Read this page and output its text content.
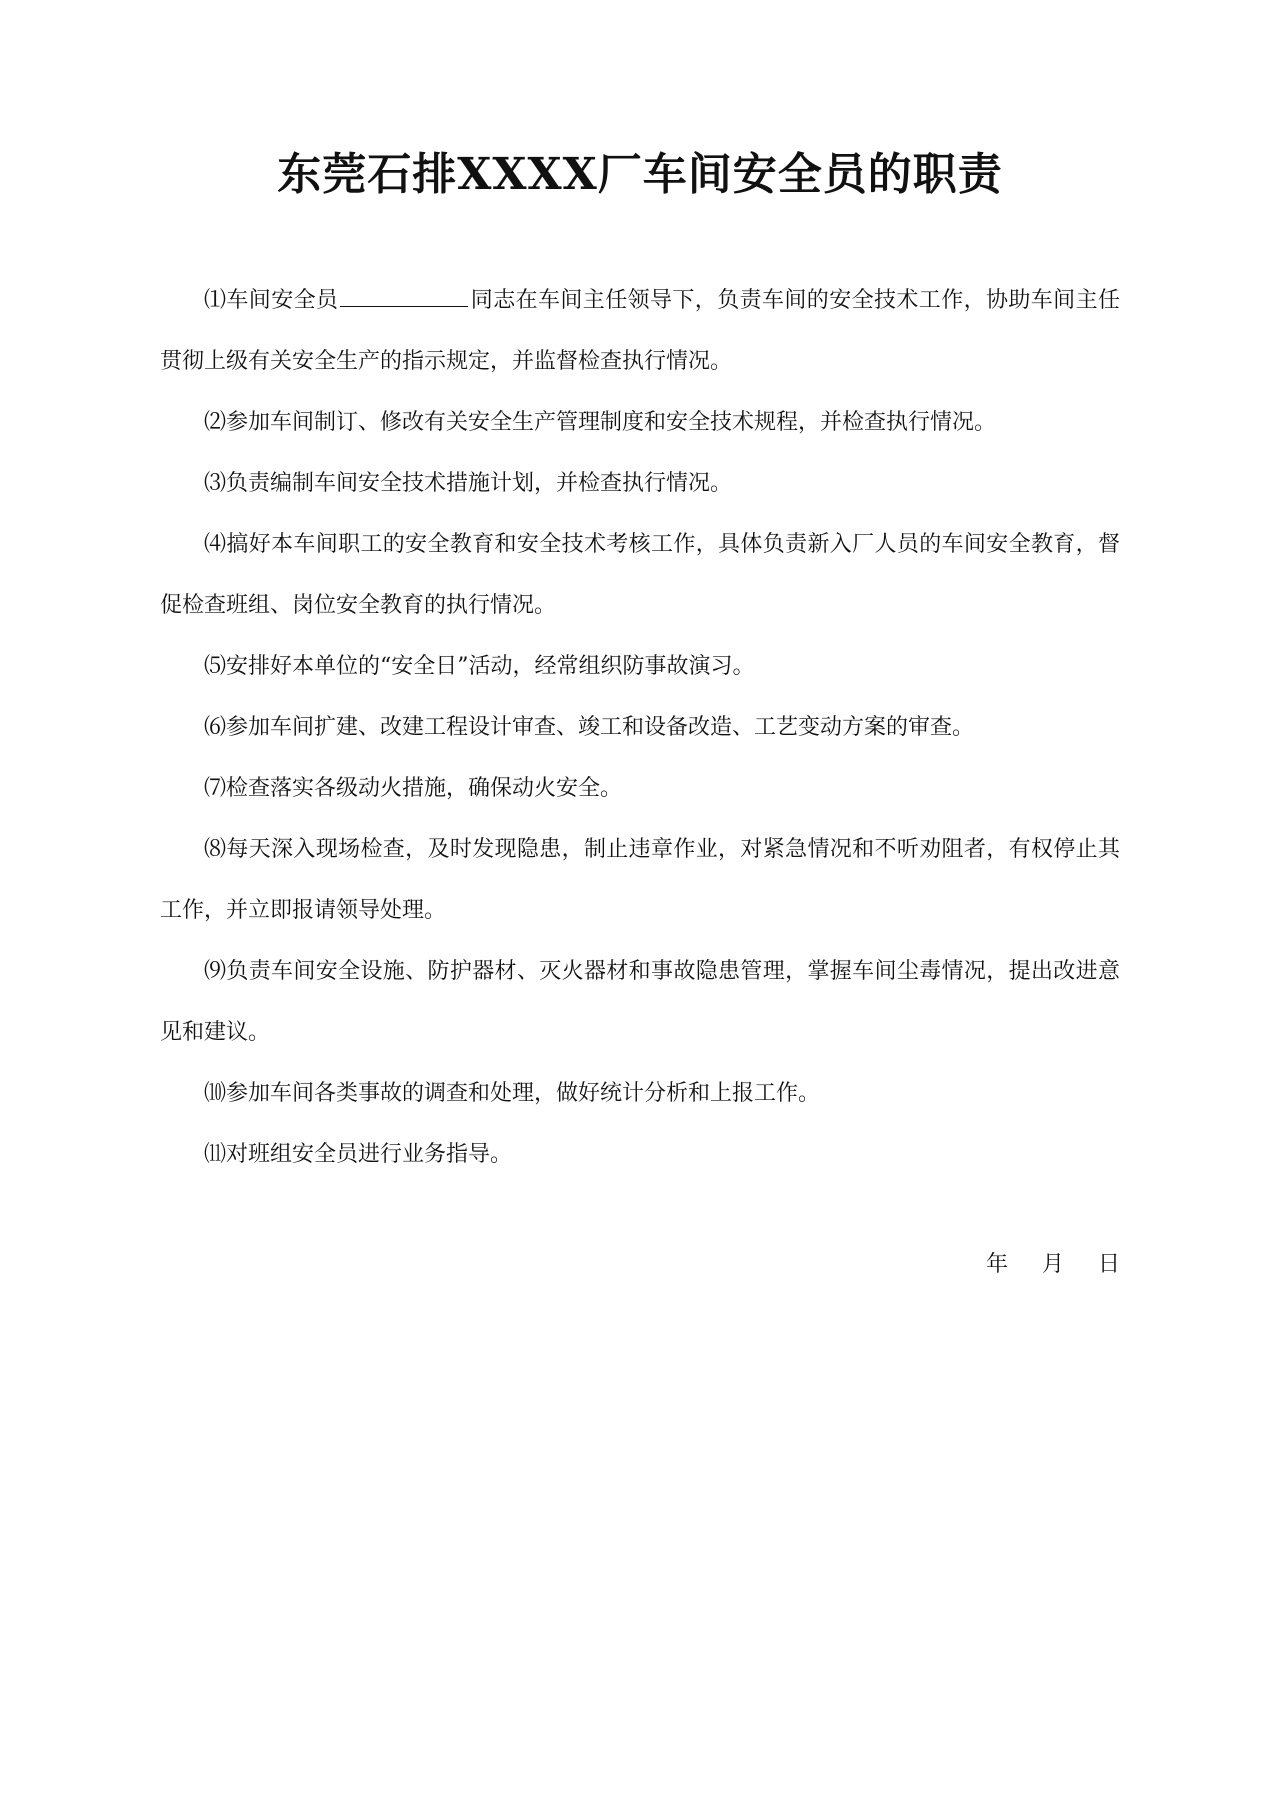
东莞石排XXXX厂车间安全员的职责

⑴车间安全员	同志在车间主任领导下，负责车间的安全技术工作，协助车间主任贯彻上级有关安全生产的指示规定，并监督检查执行情况。

⑵参加车间制订、修改有关安全生产管理制度和安全技术规程，并检查执行情况。

⑶负责编制车间安全技术措施计划，并检查执行情况。

⑷搞好本车间职工的安全教育和安全技术考核工作，具体负责新入厂人员的车间安全教育，督促检查班组、岗位安全教育的执行情况。

⑸安排好本单位的“安全日”活动，经常组织防事故演习。

⑹参加车间扩建、改建工程设计审查、竣工和设备改造、工艺变动方案的审查。

⑺检查落实各级动火措施，确保动火安全。

⑻每天深入现场检查，及时发现隐患，制止违章作业，对紧急情况和不听劝阻者，有权停止其工作，并立即报请领导处理。

⑼负责车间安全设施、防护器材、灭火器材和事故隐患管理，掌握车间尘毒情况，提出改进意见和建议。

⑽参加车间各类事故的调查和处理，做好统计分析和上报工作。

⑾对班组安全员进行业务指导。

年 月 日
